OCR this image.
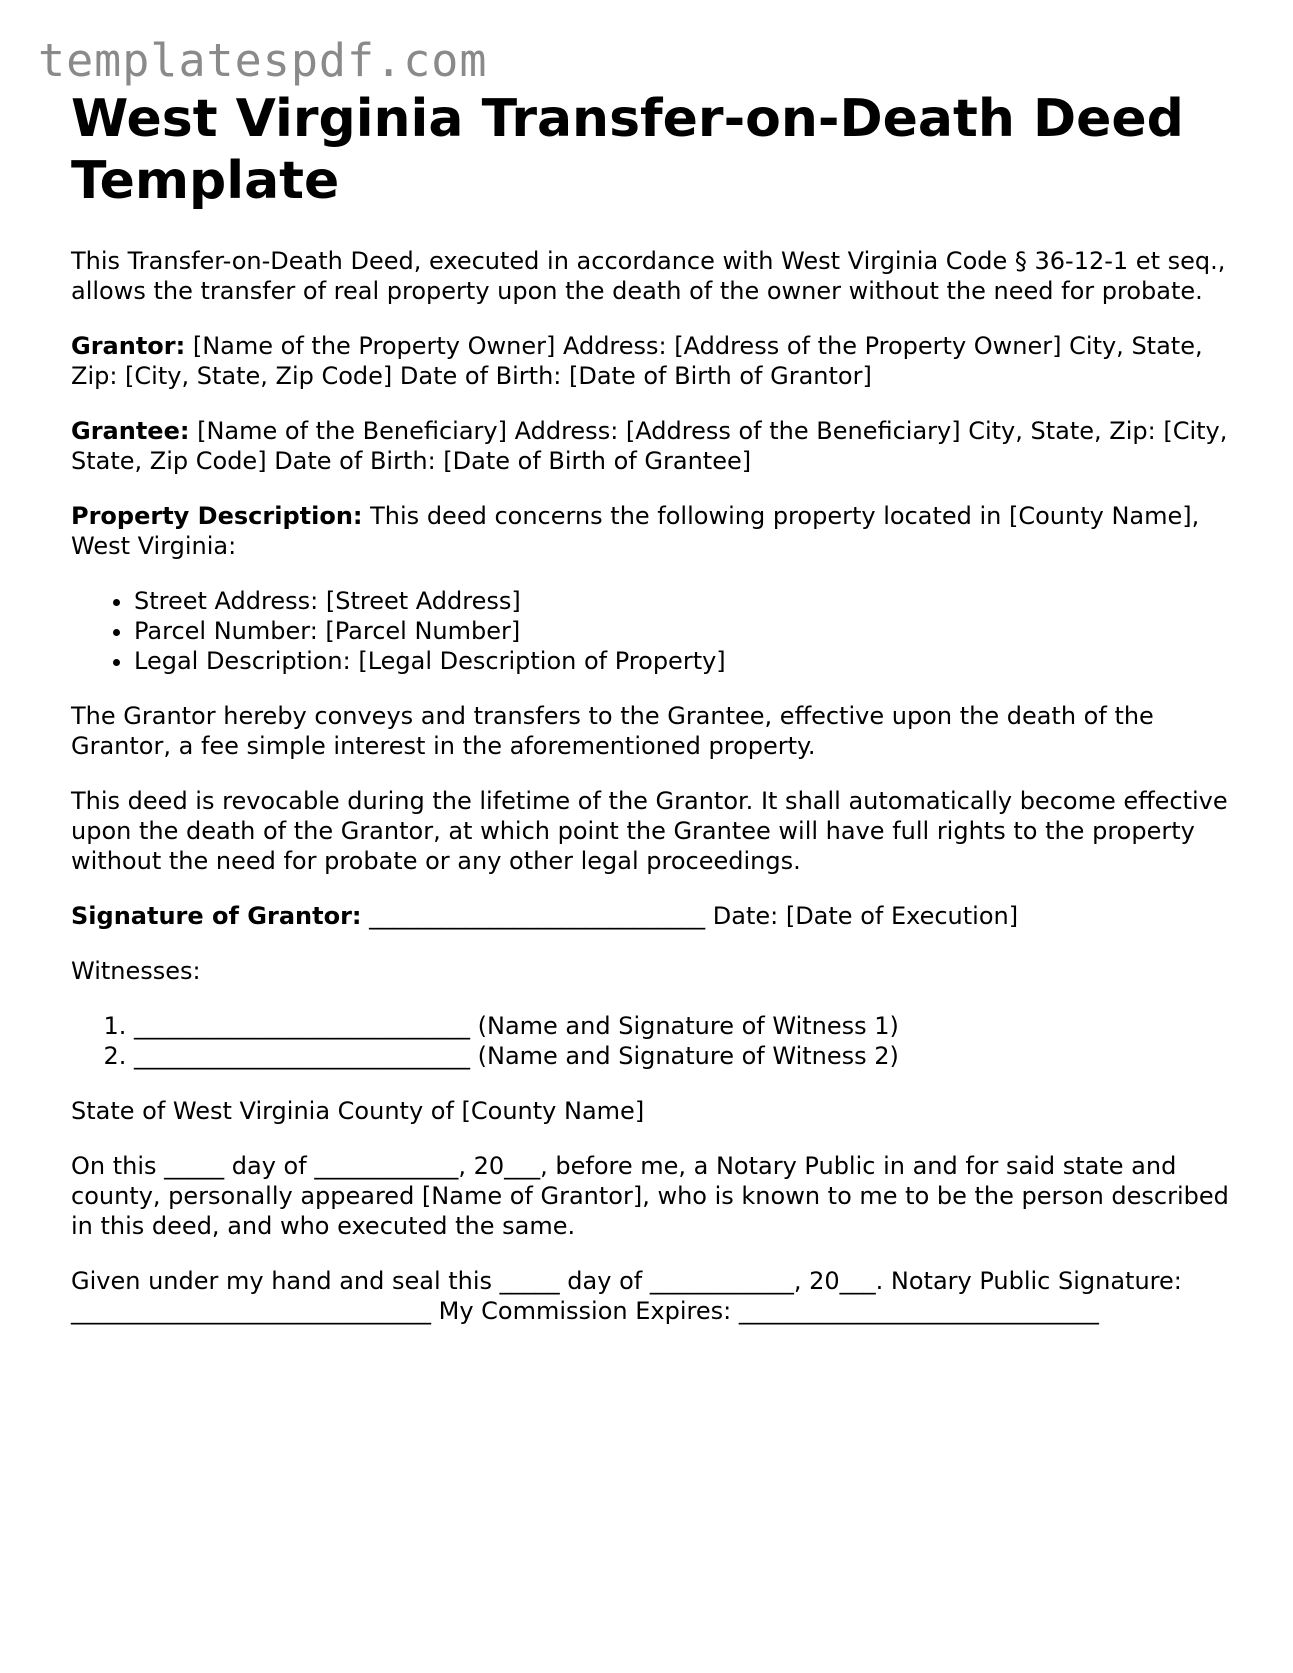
templatespdf.com
West Virginia Transfer-on-Death Deed Template

This Transfer-on-Death Deed, executed in accordance with West Virginia Code § 36-12-1 et seq., allows the transfer of real property upon the death of the owner without the need for probate.

Grantor: [Name of the Property Owner] Address: [Address of the Property Owner] City, State, Zip: [City, State, Zip Code] Date of Birth: [Date of Birth of Grantor]

Grantee: [Name of the Beneficiary] Address: [Address of the Beneficiary] City, State, Zip: [City, State, Zip Code] Date of Birth: [Date of Birth of Grantee]

Property Description: This deed concerns the following property located in [County Name], West Virginia:

• Street Address: [Street Address]
• Parcel Number: [Parcel Number]
• Legal Description: [Legal Description of Property]

The Grantor hereby conveys and transfers to the Grantee, effective upon the death of the Grantor, a fee simple interest in the aforementioned property.

This deed is revocable during the lifetime of the Grantor. It shall automatically become effective upon the death of the Grantor, at which point the Grantee will have full rights to the property without the need for probate or any other legal proceedings.

Signature of Grantor: ____________________________ Date: [Date of Execution]

Witnesses:

1. ____________________________ (Name and Signature of Witness 1)
2. ____________________________ (Name and Signature of Witness 2)

State of West Virginia County of [County Name]

On this _____ day of ____________, 20___, before me, a Notary Public in and for said state and county, personally appeared [Name of Grantor], who is known to me to be the person described in this deed, and who executed the same.

Given under my hand and seal this _____ day of ____________, 20___. Notary Public Signature: ______________________________ My Commission Expires: ______________________________
